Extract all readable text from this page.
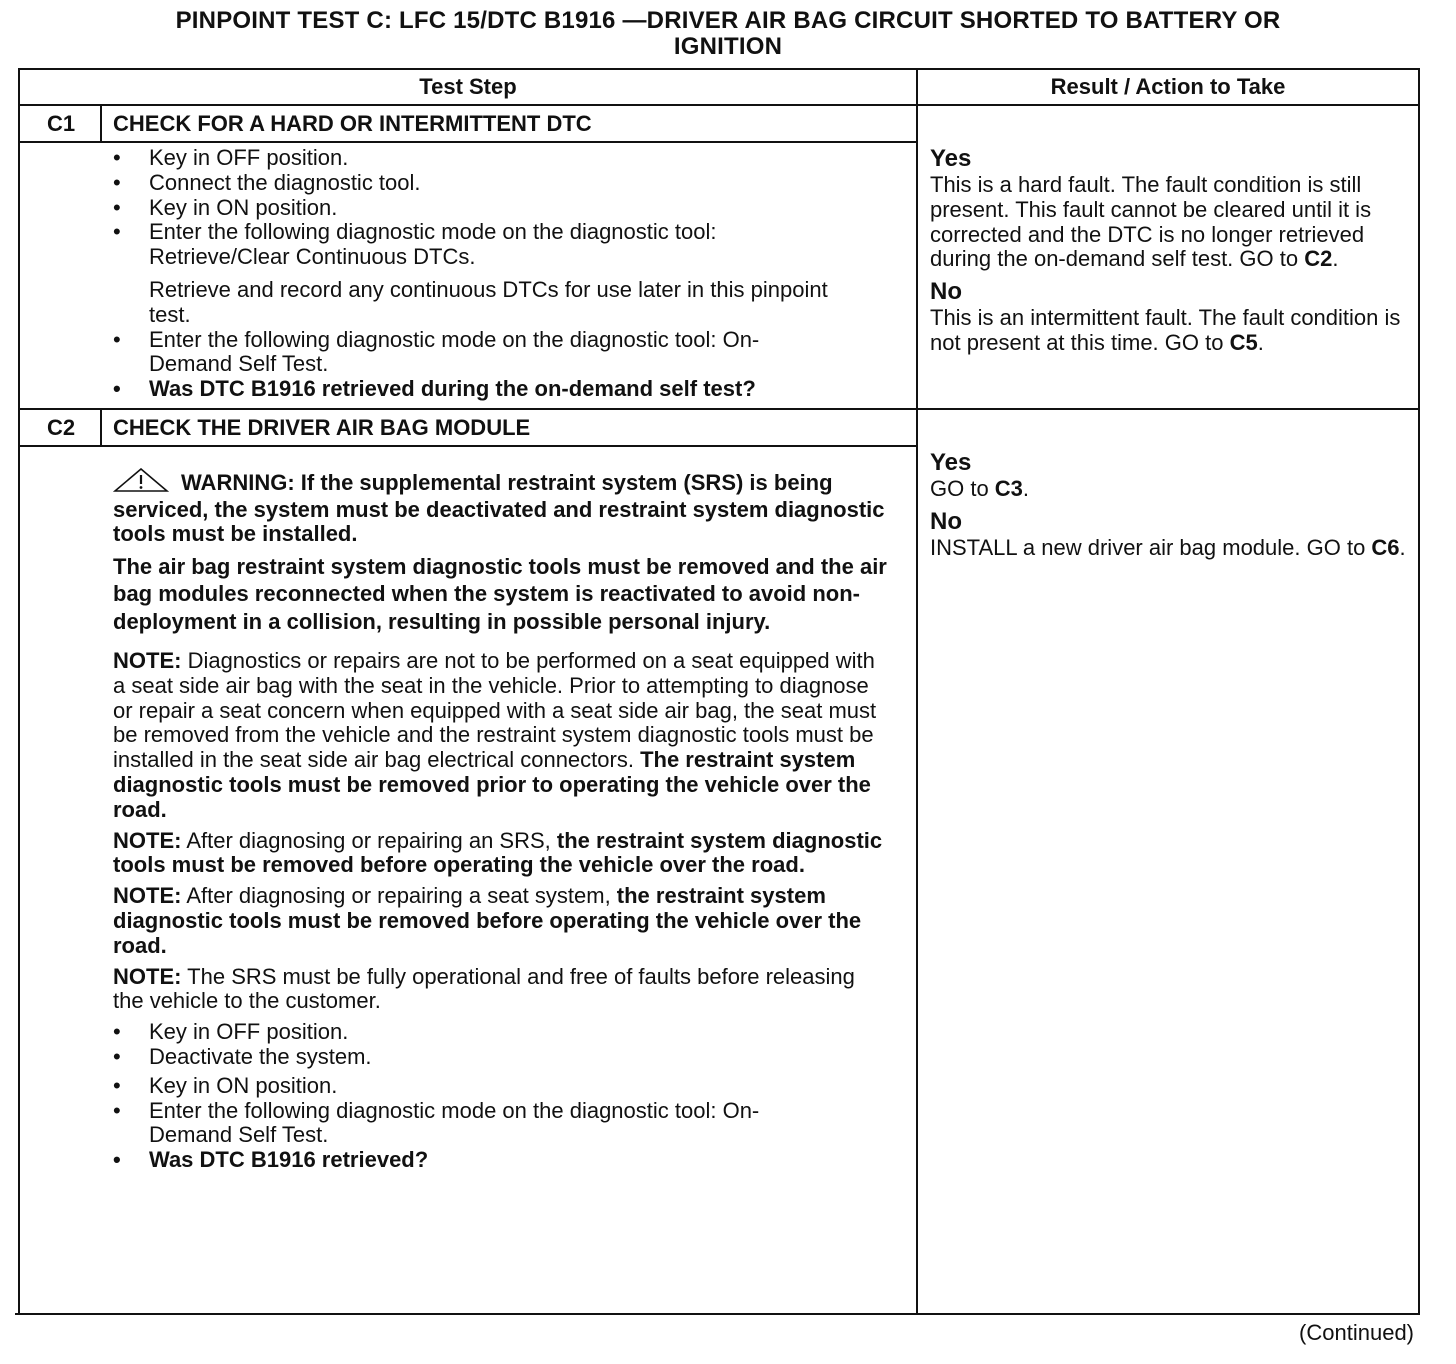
PINPOINT TEST C: LFC 15/DTC B1916 —DRIVER AIR BAG CIRCUIT SHORTED TO BATTERY OR
IGNITION
Test Step	Result / Action to Take
C1	CHECK FOR A HARD OR INTERMITTENT DTC
•	Key in OFF position.
•	Connect the diagnostic tool.
•	Key in ON position.
•	Enter the following diagnostic mode on the diagnostic tool: Retrieve/Clear Continuous DTCs.
Retrieve and record any continuous DTCs for use later in this pinpoint test.
•	Enter the following diagnostic mode on the diagnostic tool: On-Demand Self Test.
•	Was DTC B1916 retrieved during the on-demand self test?
Yes
This is a hard fault. The fault condition is still present. This fault cannot be cleared until it is corrected and the DTC is no longer retrieved during the on-demand self test. GO to C2.
No
This is an intermittent fault. The fault condition is not present at this time. GO to C5.
C2	CHECK THE DRIVER AIR BAG MODULE
WARNING: If the supplemental restraint system (SRS) is being serviced, the system must be deactivated and restraint system diagnostic tools must be installed.
The air bag restraint system diagnostic tools must be removed and the air bag modules reconnected when the system is reactivated to avoid non-deployment in a collision, resulting in possible personal injury.
NOTE: Diagnostics or repairs are not to be performed on a seat equipped with a seat side air bag with the seat in the vehicle. Prior to attempting to diagnose or repair a seat concern when equipped with a seat side air bag, the seat must be removed from the vehicle and the restraint system diagnostic tools must be installed in the seat side air bag electrical connectors. The restraint system diagnostic tools must be removed prior to operating the vehicle over the road.
NOTE: After diagnosing or repairing an SRS, the restraint system diagnostic tools must be removed before operating the vehicle over the road.
NOTE: After diagnosing or repairing a seat system, the restraint system diagnostic tools must be removed before operating the vehicle over the road.
NOTE: The SRS must be fully operational and free of faults before releasing the vehicle to the customer.
•	Key in OFF position.
•	Deactivate the system.
•	Key in ON position.
•	Enter the following diagnostic mode on the diagnostic tool: On-Demand Self Test.
•	Was DTC B1916 retrieved?
Yes
GO to C3.
No
INSTALL a new driver air bag module. GO to C6.
(Continued)
